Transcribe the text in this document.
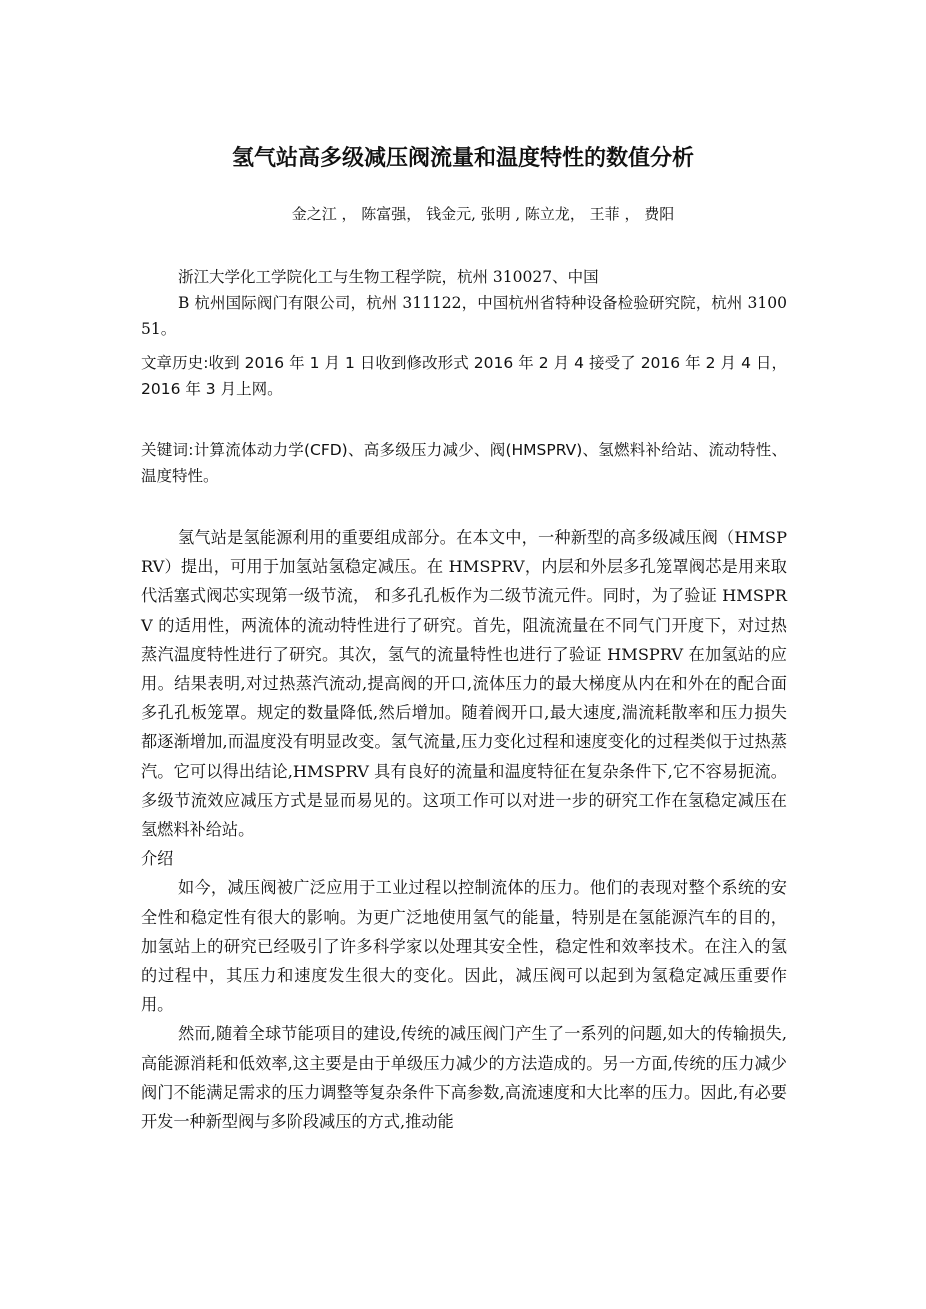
氢气站高多级减压阀流量和温度特性的数值分析
金之江 ， 陈富强， 钱金元, 张明 , 陈立龙， 王菲 ， 费阳

浙江大学化工学院化工与生物工程学院，杭州 310027、中国

B 杭州国际阀门有限公司，杭州 311122，中国杭州省特种设备检验研究院，杭州 310051。

文章历史:收到 2016 年 1 月 1 日收到修改形式 2016 年 2 月 4 接受了 2016 年 2 月 4 日，2016 年 3 月上网。
关键词:计算流体动力学(CFD)、高多级压力减少、阀(HMSPRV)、氢燃料补给站、流动特性、温度特性。

氢气站是氢能源利用的重要组成部分。在本文中，一种新型的高多级减压阀（HMSPRV）提出，可用于加氢站氢稳定减压。在 HMSPRV，内层和外层多孔笼罩阀芯是用来取代活塞式阀芯实现第一级节流， 和多孔孔板作为二级节流元件。同时，为了验证 HMSPRV 的适用性，两流体的流动特性进行了研究。首先，阻流流量在不同气门开度下，对过热蒸汽温度特性进行了研究。其次，氢气的流量特性也进行了验证 HMSPRV 在加氢站的应用。结果表明,对过热蒸汽流动,提高阀的开口,流体压力的最大梯度从内在和外在的配合面多孔孔板笼罩。规定的数量降低,然后增加。随着阀开口,最大速度,湍流耗散率和压力损失都逐渐增加,而温度没有明显改变。氢气流量,压力变化过程和速度变化的过程类似于过热蒸汽。它可以得出结论,HMSPRV 具有良好的流量和温度特征在复杂条件下,它不容易扼流。多级节流效应减压方式是显而易见的。这项工作可以对进一步的研究工作在氢稳定减压在氢燃料补给站。

介绍

如今，减压阀被广泛应用于工业过程以控制流体的压力。他们的表现对整个系统的安全性和稳定性有很大的影响。为更广泛地使用氢气的能量，特别是在氢能源汽车的目的，加氢站上的研究已经吸引了许多科学家以处理其安全性，稳定性和效率技术。在注入的氢的过程中，其压力和速度发生很大的变化。因此，减压阀可以起到为氢稳定减压重要作用。

然而,随着全球节能项目的建设,传统的减压阀门产生了一系列的问题,如大的传输损失,高能源消耗和低效率,这主要是由于单级压力减少的方法造成的。另一方面,传统的压力减少阀门不能满足需求的压力调整等复杂条件下高参数,高流速度和大比率的压力。因此,有必要开发一种新型阀与多阶段减压的方式,推动能
